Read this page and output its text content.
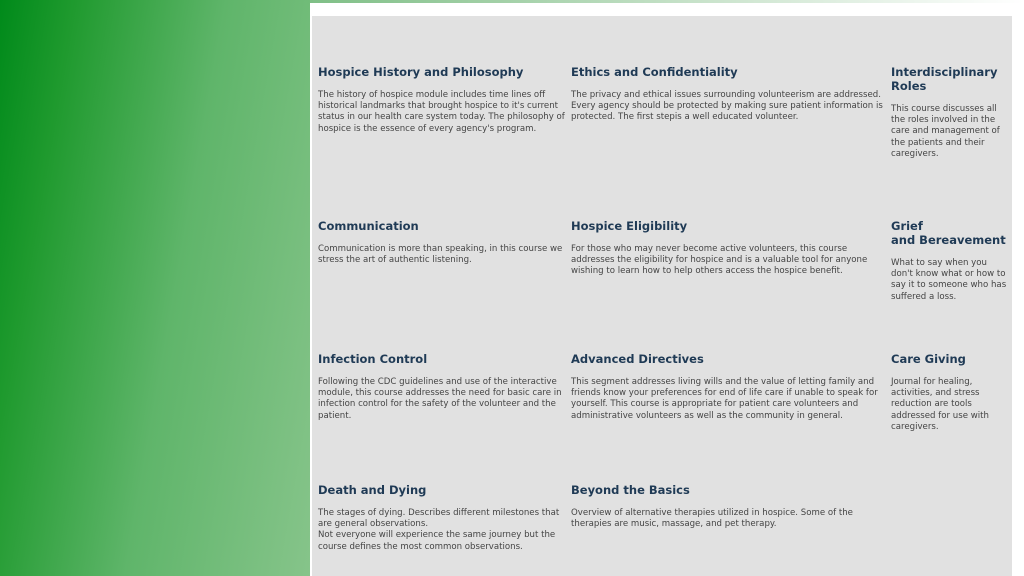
Hospice History and Philosophy

The history of hospice module includes time lines off historical landmarks that brought hospice to it's current status in our health care system today. The philosophy of hospice is the essence of every agency's program.

Ethics and Confidentiality

The privacy and ethical issues surrounding volunteerism are addressed. Every agency should be protected by making sure patient information is protected. The first stepis a well educated volunteer.

Interdisciplinary Roles

This course discusses all the roles involved in the care and management of the patients and their caregivers.

Communication

Communication is more than speaking, in this course we stress the art of authentic listening.

Hospice Eligibility

For those who may never become active volunteers, this course addresses the eligibility for hospice and is a valuable tool for anyone wishing to learn how to help others access the hospice benefit.

Grief
and Bereavement

What to say when you don't know what or how to say it to someone who has suffered a loss.

Infection Control

Following the CDC guidelines and use of the interactive module, this course addresses the need for basic care in infection control for the safety of the volunteer and the patient.

Advanced Directives

This segment addresses living wills and the value of letting family and friends know your preferences for end of life care if unable to speak for yourself. This course is appropriate for patient care volunteers and administrative volunteers as well as the community in general.

Care Giving

Journal for healing, activities, and stress reduction are tools addressed for use with caregivers.

Death and Dying

The stages of dying. Describes different milestones that are general observations.
Not everyone will experience the same journey but the course defines the most common observations.

Beyond the Basics

Overview of alternative therapies utilized in hospice. Some of the therapies are music, massage, and pet therapy.
